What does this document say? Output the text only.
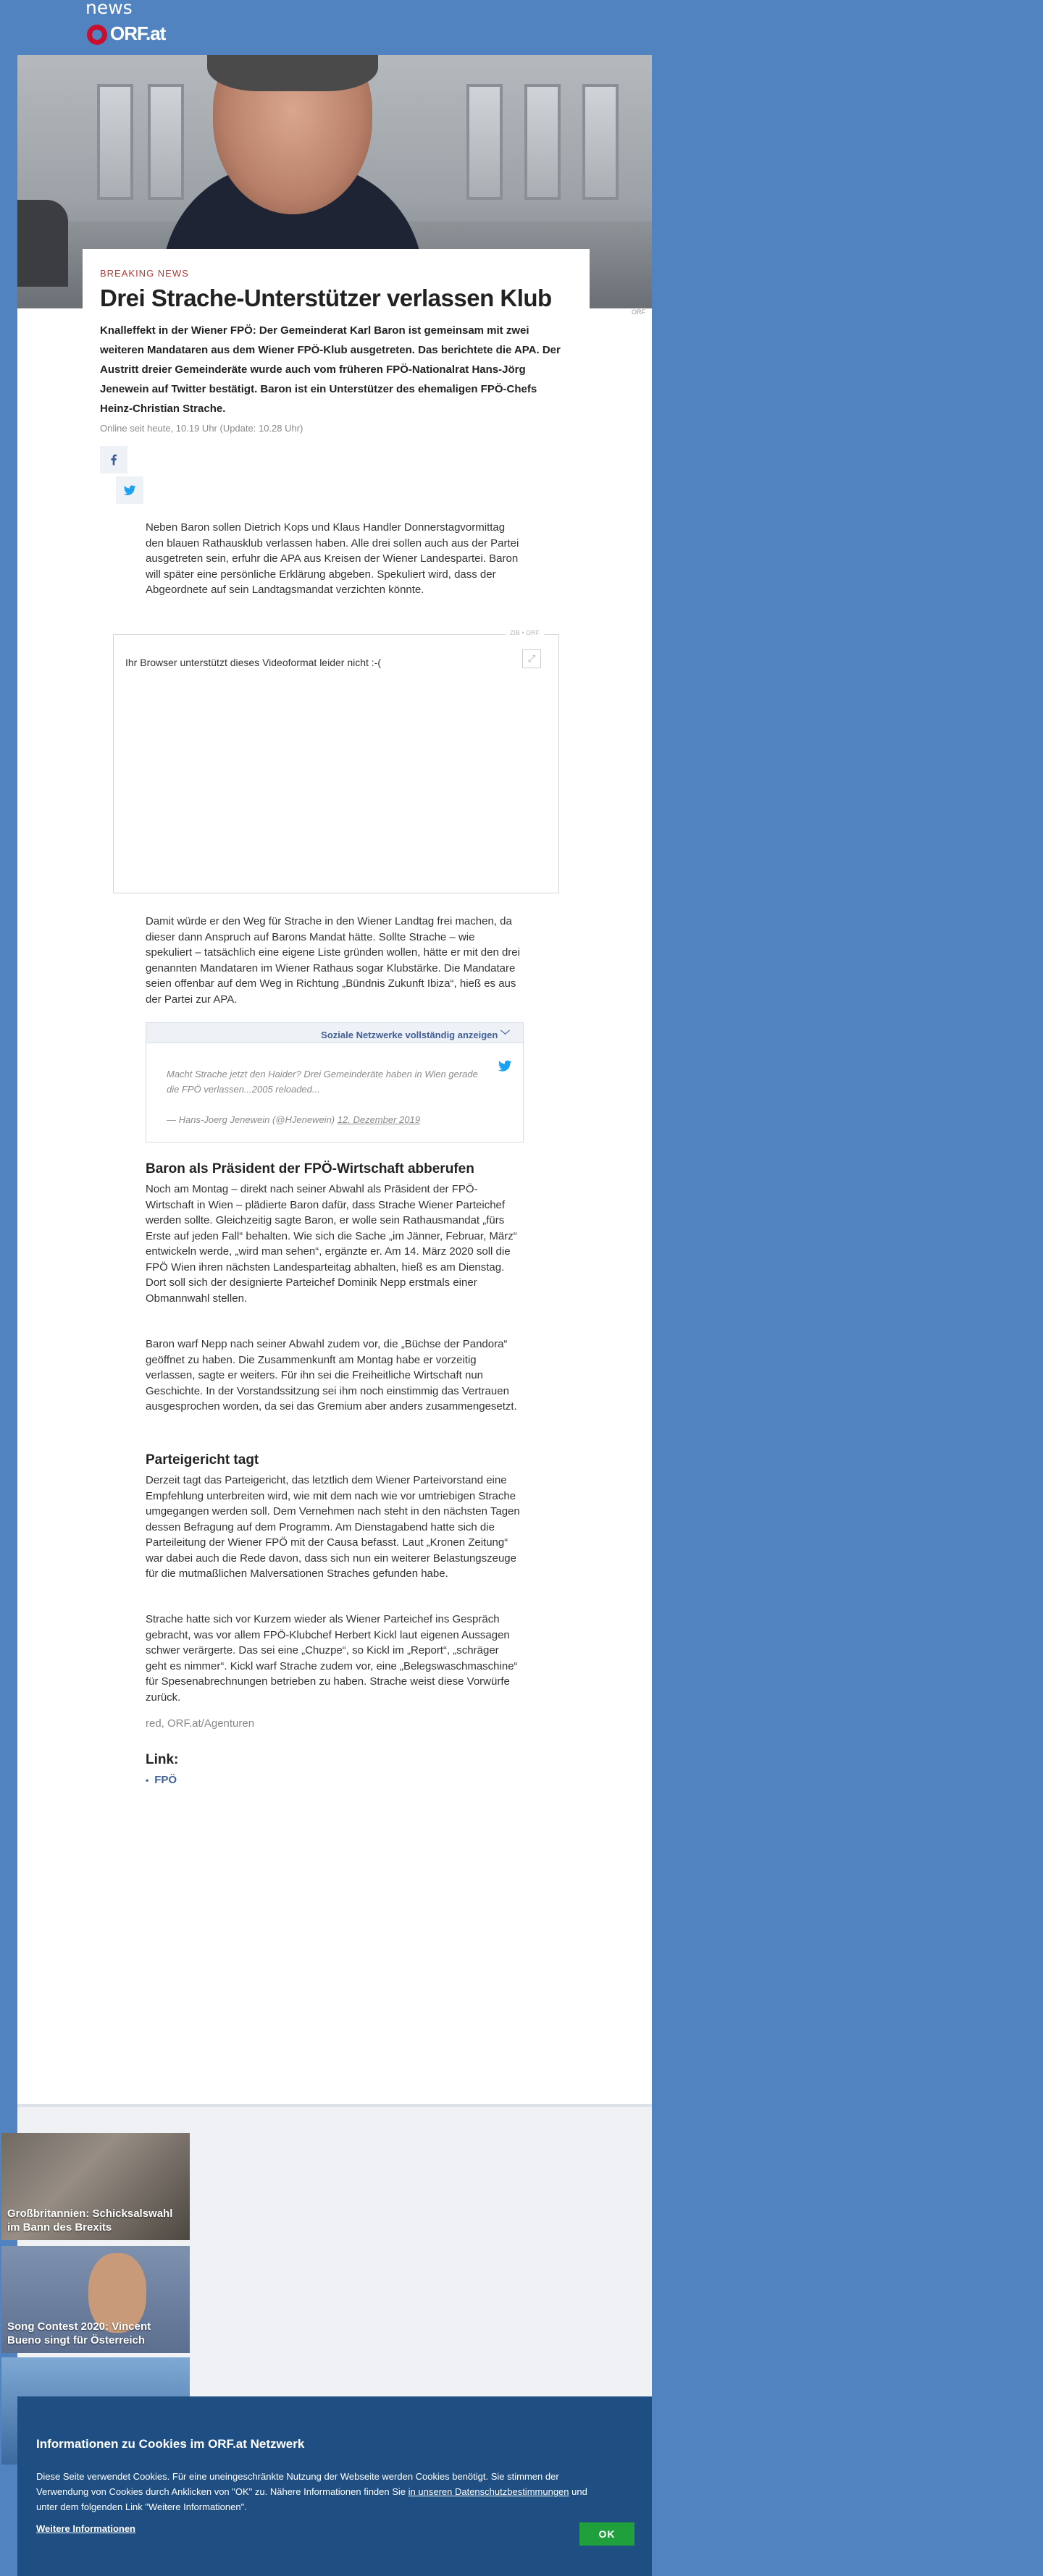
news
ORF.at
ORF
BREAKING NEWS
Drei Strache-Unterstützer verlassen Klub

Knalleffekt in der Wiener FPÖ: Der Gemeinderat Karl Baron ist gemeinsam mit zwei weiteren Mandataren aus dem Wiener FPÖ-Klub ausgetreten. Das berichtete die APA. Der Austritt dreier Gemeinderäte wurde auch vom früheren FPÖ-Nationalrat Hans-Jörg Jenewein auf Twitter bestätigt. Baron ist ein Unterstützer des ehemaligen FPÖ-Chefs Heinz-Christian Strache.

Online seit heute, 10.19 Uhr (Update: 10.28 Uhr)

Neben Baron sollen Dietrich Kops und Klaus Handler Donnerstagvormittag den blauen Rathausklub verlassen haben. Alle drei sollen auch aus der Partei ausgetreten sein, erfuhr die APA aus Kreisen der Wiener Landespartei. Baron will später eine persönliche Erklärung abgeben. Spekuliert wird, dass der Abgeordnete auf sein Landtagsmandat verzichten könnte.

ZIB • ORF
Ihr Browser unterstützt dieses Videoformat leider nicht :-(	⤢

Damit würde er den Weg für Strache in den Wiener Landtag frei machen, da dieser dann Anspruch auf Barons Mandat hätte. Sollte Strache – wie spekuliert – tatsächlich eine eigene Liste gründen wollen, hätte er mit den drei genannten Mandataren im Wiener Rathaus sogar Klubstärke. Die Mandatare seien offenbar auf dem Weg in Richtung „Bündnis Zukunft Ibiza“, hieß es aus der Partei zur APA.

Soziale Netzwerke vollständig anzeigen ﹀

Macht Strache jetzt den Haider? Drei Gemeinderäte haben in Wien gerade die FPÖ verlassen...2005 reloaded...

— Hans-Joerg Jenewein (@HJenewein) 12. Dezember 2019

Baron als Präsident der FPÖ-Wirtschaft abberufen

Noch am Montag – direkt nach seiner Abwahl als Präsident der FPÖ-Wirtschaft in Wien – plädierte Baron dafür, dass Strache Wiener Parteichef werden sollte. Gleichzeitig sagte Baron, er wolle sein Rathausmandat „fürs Erste auf jeden Fall“ behalten. Wie sich die Sache „im Jänner, Februar, März“ entwickeln werde, „wird man sehen“, ergänzte er. Am 14. März 2020 soll die FPÖ Wien ihren nächsten Landesparteitag abhalten, hieß es am Dienstag. Dort soll sich der designierte Parteichef Dominik Nepp erstmals einer Obmannwahl stellen.

Baron warf Nepp nach seiner Abwahl zudem vor, die „Büchse der Pandora“ geöffnet zu haben. Die Zusammenkunft am Montag habe er vorzeitig verlassen, sagte er weiters. Für ihn sei die Freiheitliche Wirtschaft nun Geschichte. In der Vorstandssitzung sei ihm noch einstimmig das Vertrauen ausgesprochen worden, da sei das Gremium aber anders zusammengesetzt.

Parteigericht tagt

Derzeit tagt das Parteigericht, das letztlich dem Wiener Parteivorstand eine Empfehlung unterbreiten wird, wie mit dem nach wie vor umtriebigen Strache umgegangen werden soll. Dem Vernehmen nach steht in den nächsten Tagen dessen Befragung auf dem Programm. Am Dienstagabend hatte sich die Parteileitung der Wiener FPÖ mit der Causa befasst. Laut „Kronen Zeitung“ war dabei auch die Rede davon, dass sich nun ein weiterer Belastungszeuge für die mutmaßlichen Malversationen Straches gefunden habe.

Strache hatte sich vor Kurzem wieder als Wiener Parteichef ins Gespräch gebracht, was vor allem FPÖ-Klubchef Herbert Kickl laut eigenen Aussagen schwer verärgerte. Das sei eine „Chuzpe“, so Kickl im „Report“, „schräger geht es nimmer“. Kickl warf Strache zudem vor, eine „Belegswaschmaschine“ für Spesenabrechnungen betrieben zu haben. Strache weist diese Vorwürfe zurück.

red, ORF.at/Agenturen

Link:
• FPÖ
Großbritannien: Schicksalswahl im Bann des Brexits
Song Contest 2020: Vincent Bueno singt für Österreich
Informationen zu Cookies im ORF.at Netzwerk

Diese Seite verwendet Cookies. Für eine uneingeschränkte Nutzung der Webseite werden Cookies benötigt. Sie stimmen der Verwendung von Cookies durch Anklicken von "OK" zu. Nähere Informationen finden Sie in unseren Datenschutzbestimmungen und unter dem folgenden Link "Weitere Informationen".

Weitere Informationen	OK
